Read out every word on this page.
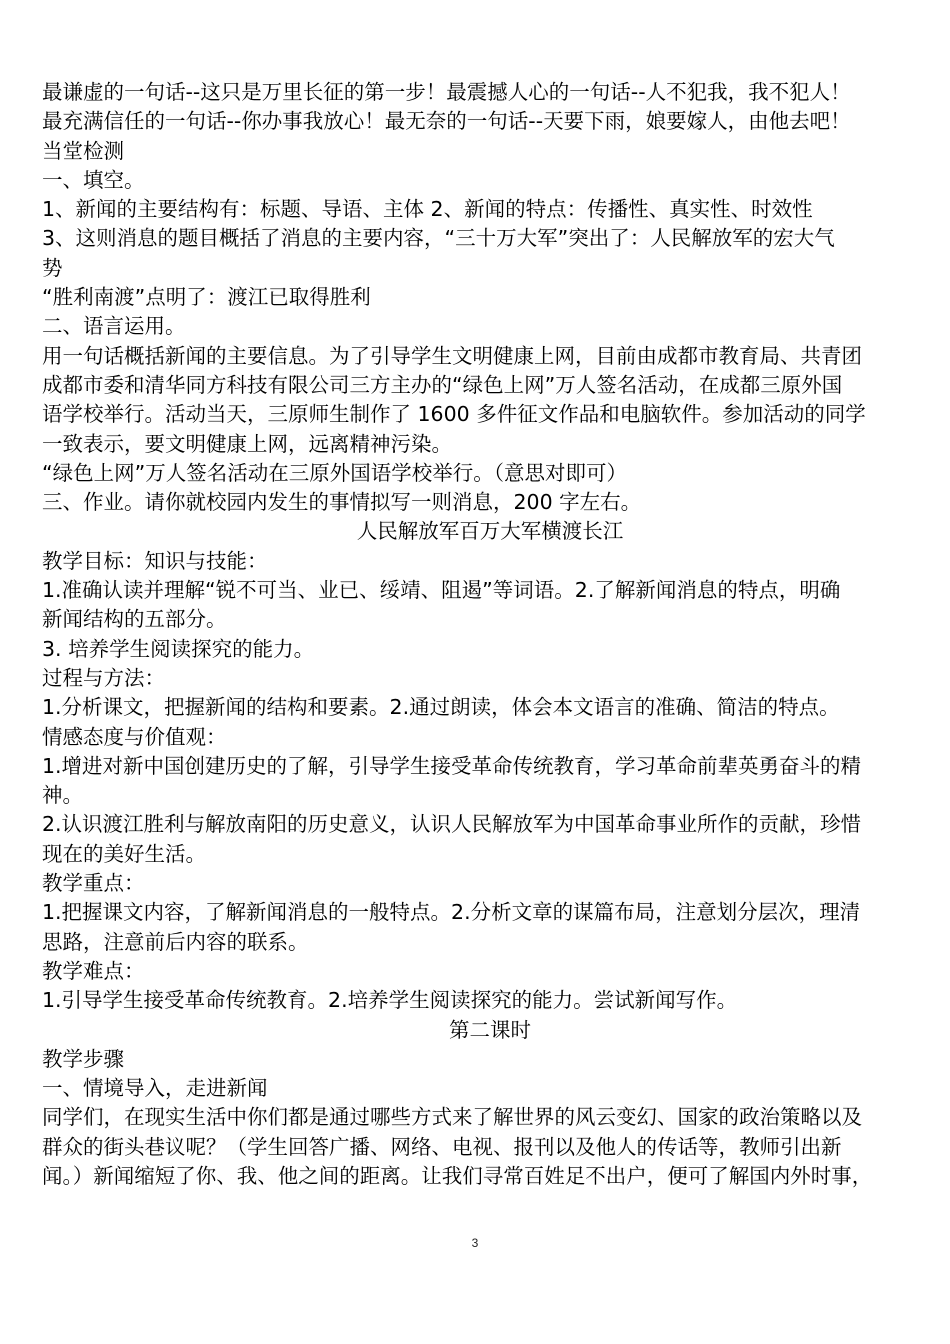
最谦虚的一句话--这只是万里长征的第一步！最震撼人心的一句话--人不犯我，我不犯人！
最充满信任的一句话--你办事我放心！最无奈的一句话--天要下雨，娘要嫁人，由他去吧！
当堂检测
一、填空。
1、新闻的主要结构有：标题、导语、主体 2、新闻的特点：传播性、真实性、时效性
3、这则消息的题目概括了消息的主要内容，“三十万大军”突出了：人民解放军的宏大气
势
“胜利南渡”点明了：渡江已取得胜利
二、语言运用。
用一句话概括新闻的主要信息。为了引导学生文明健康上网，目前由成都市教育局、共青团
成都市委和清华同方科技有限公司三方主办的“绿色上网”万人签名活动，在成都三原外国
语学校举行。活动当天，三原师生制作了 1600 多件征文作品和电脑软件。参加活动的同学
一致表示，要文明健康上网，远离精神污染。
“绿色上网”万人签名活动在三原外国语学校举行。（意思对即可）
三、作业。请你就校园内发生的事情拟写一则消息，200 字左右。
人民解放军百万大军横渡长江
教学目标：知识与技能：
1.准确认读并理解“锐不可当、业已、绥靖、阻遏”等词语。2.了解新闻消息的特点，明确
新闻结构的五部分。
3. 培养学生阅读探究的能力。
过程与方法：
1.分析课文，把握新闻的结构和要素。2.通过朗读，体会本文语言的准确、简洁的特点。
情感态度与价值观：
1.增进对新中国创建历史的了解，引导学生接受革命传统教育，学习革命前辈英勇奋斗的精
神。
2.认识渡江胜利与解放南阳的历史意义，认识人民解放军为中国革命事业所作的贡献，珍惜
现在的美好生活。
教学重点：
1.把握课文内容，了解新闻消息的一般特点。2.分析文章的谋篇布局，注意划分层次，理清
思路，注意前后内容的联系。
教学难点：
1.引导学生接受革命传统教育。2.培养学生阅读探究的能力。尝试新闻写作。
第二课时
教学步骤
一、情境导入，走进新闻
同学们，在现实生活中你们都是通过哪些方式来了解世界的风云变幻、国家的政治策略以及
群众的街头巷议呢？（学生回答广播、网络、电视、报刊以及他人的传话等，教师引出新
闻。）新闻缩短了你、我、他之间的距离。让我们寻常百姓足不出户，便可了解国内外时事，
3
